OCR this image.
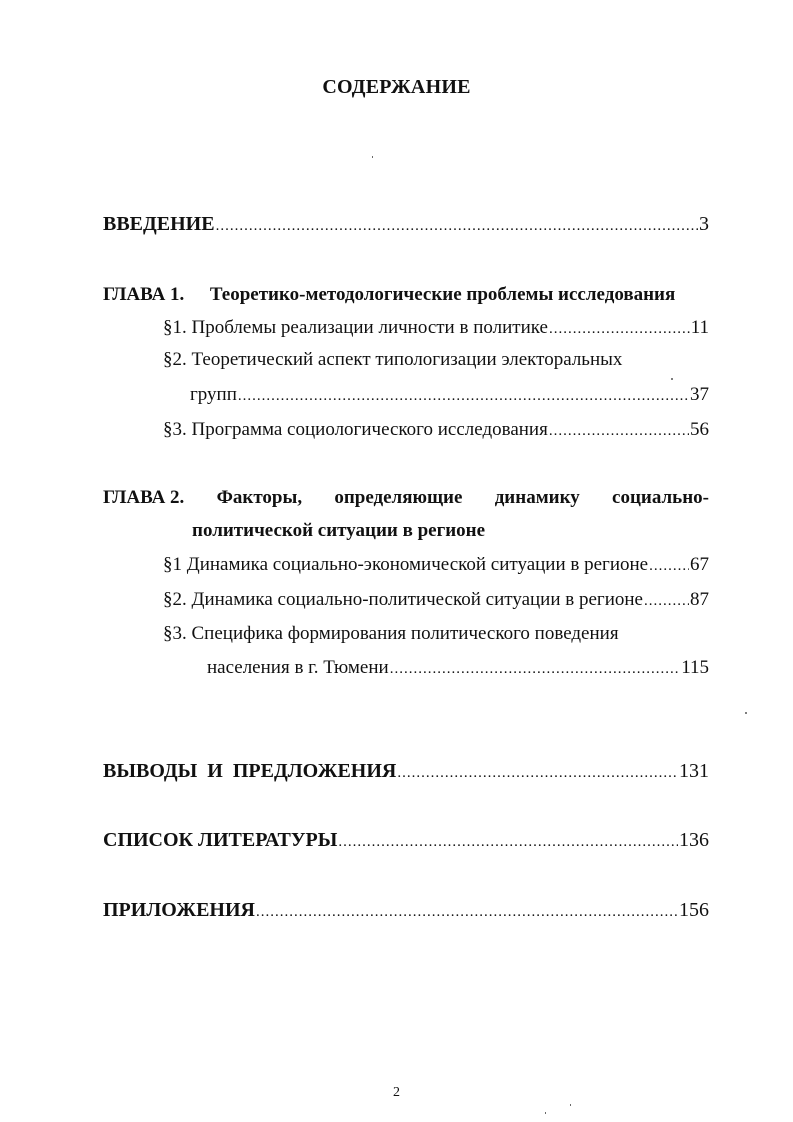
СОДЕРЖАНИЕ
ВВЕДЕНИЕ .....	3
ГЛАВА 1. Теоретико-методологические проблемы исследования
§1. Проблемы реализации личности в политике .....	11
§2. Теоретический аспект типологизации электоральных
групп .....	37
§3. Программа социологического исследования .....	56
ГЛАВА 2. Факторы, определяющие динамику социально-
политической ситуации в регионе
§1 Динамика социально-экономической ситуации в регионе ..... 67
§2. Динамика социально-политической ситуации в регионе ..... 87
§3. Специфика формирования политического поведения
населения в г. Тюмени .....	115
ВЫВОДЫ  И  ПРЕДЛОЖЕНИЯ .....	131
СПИСОК ЛИТЕРАТУРЫ .....	136
ПРИЛОЖЕНИЯ .....	156
2
